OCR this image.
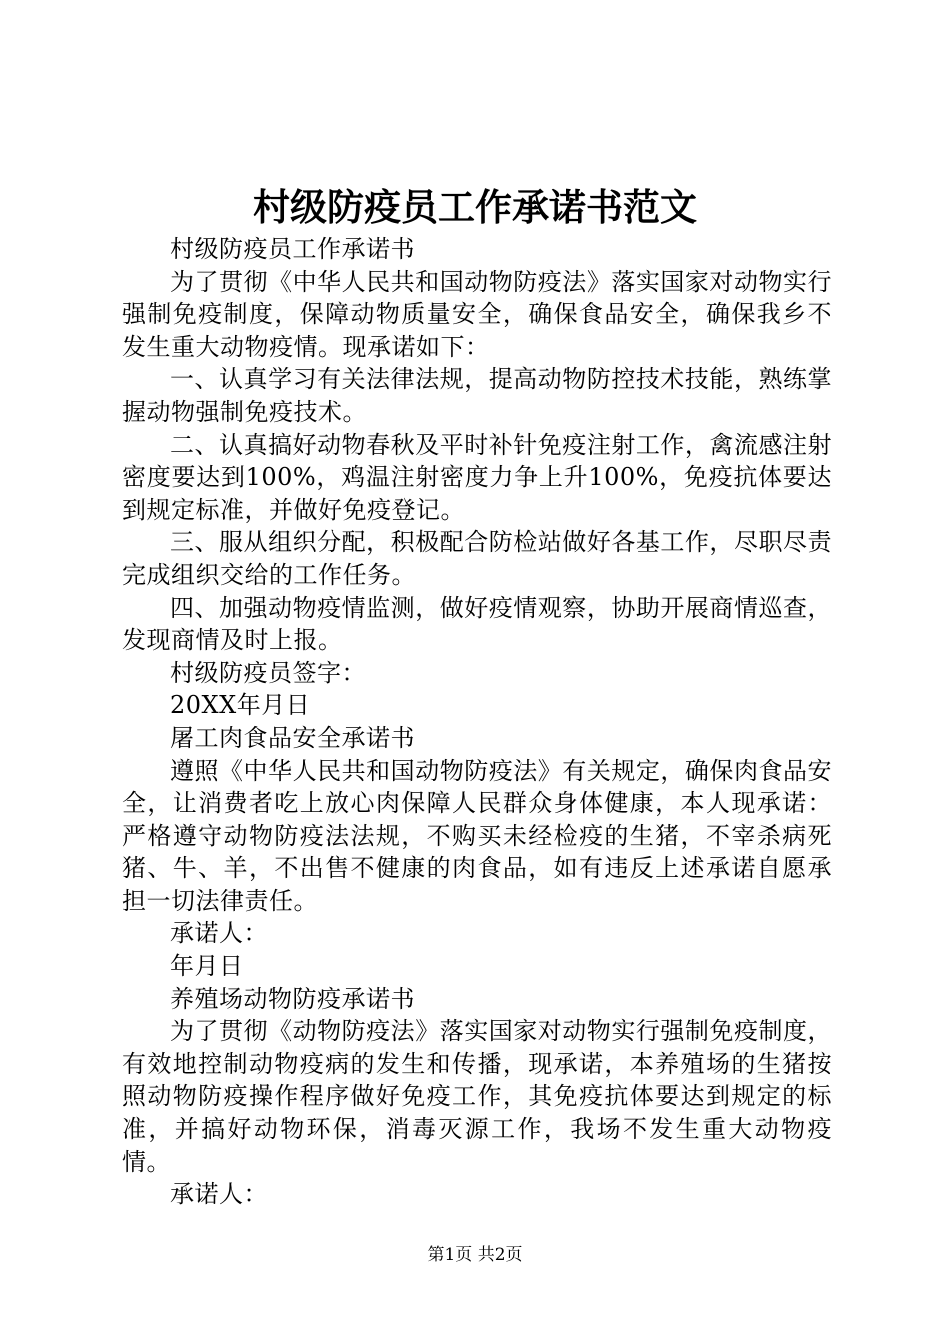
村级防疫员工作承诺书范文

村级防疫员工作承诺书

为了贯彻《中华人民共和国动物防疫法》落实国家对动物实行强制免疫制度，保障动物质量安全，确保食品安全，确保我乡不发生重大动物疫情。现承诺如下：

一、认真学习有关法律法规，提高动物防控技术技能，熟练掌握动物强制免疫技术。

二、认真搞好动物春秋及平时补针免疫注射工作，禽流感注射密度要达到100%，鸡温注射密度力争上升100%，免疫抗体要达到规定标准，并做好免疫登记。

三、服从组织分配，积极配合防检站做好各基工作，尽职尽责完成组织交给的工作任务。

四、加强动物疫情监测，做好疫情观察，协助开展商情巡查，发现商情及时上报。

村级防疫员签字：

20XX年月日

屠工肉食品安全承诺书

遵照《中华人民共和国动物防疫法》有关规定，确保肉食品安全，让消费者吃上放心肉保障人民群众身体健康，本人现承诺：严格遵守动物防疫法法规，不购买未经检疫的生猪，不宰杀病死猪、牛、羊，不出售不健康的肉食品，如有违反上述承诺自愿承担一切法律责任。

承诺人：

年月日

养殖场动物防疫承诺书

为了贯彻《动物防疫法》落实国家对动物实行强制免疫制度，有效地控制动物疫病的发生和传播，现承诺，本养殖场的生猪按照动物防疫操作程序做好免疫工作，其免疫抗体要达到规定的标准，并搞好动物环保，消毒灭源工作，我场不发生重大动物疫情。

承诺人：

第1页 共2页
